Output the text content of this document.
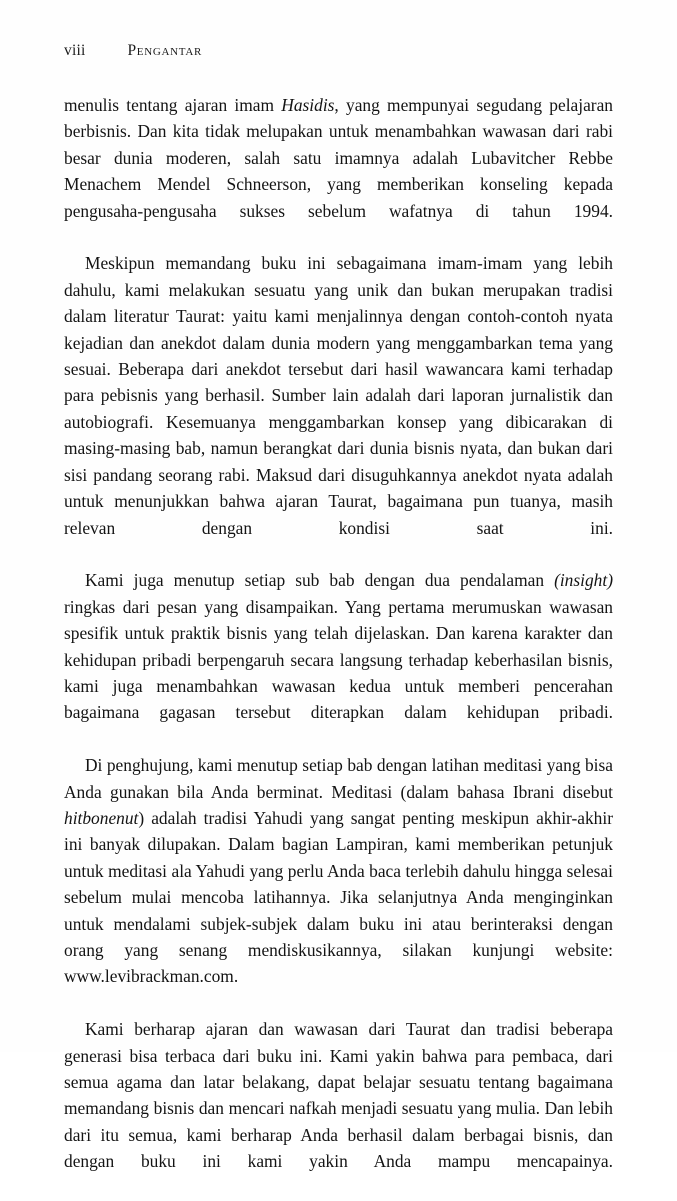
viii	Pengantar

menulis tentang ajaran imam Hasidis, yang mempunyai segudang pelajaran berbisnis. Dan kita tidak melupakan untuk menambahkan wawasan dari rabi besar dunia moderen, salah satu imamnya adalah Lubavitcher Rebbe Menachem Mendel Schneerson, yang memberikan konseling kepada pengusaha-pengusaha sukses sebelum wafatnya di tahun 1994.

Meskipun memandang buku ini sebagaimana imam-imam yang lebih dahulu, kami melakukan sesuatu yang unik dan bukan merupakan tradisi dalam literatur Taurat: yaitu kami menjalinnya dengan contoh-contoh nyata kejadian dan anekdot dalam dunia modern yang menggambarkan tema yang sesuai. Beberapa dari anekdot tersebut dari hasil wawancara kami terhadap para pebisnis yang berhasil. Sumber lain adalah dari laporan jurnalistik dan autobiografi. Kesemuanya menggambarkan konsep yang dibicarakan di masing-masing bab, namun berangkat dari dunia bisnis nyata, dan bukan dari sisi pandang seorang rabi. Maksud dari disuguhkannya anekdot nyata adalah untuk menunjukkan bahwa ajaran Taurat, bagaimana pun tuanya, masih relevan dengan kondisi saat ini.

Kami juga menutup setiap sub bab dengan dua pendalaman (insight) ringkas dari pesan yang disampaikan. Yang pertama merumuskan wawasan spesifik untuk praktik bisnis yang telah dijelaskan. Dan karena karakter dan kehidupan pribadi berpengaruh secara langsung terhadap keberhasilan bisnis, kami juga menambahkan wawasan kedua untuk memberi pencerahan bagaimana gagasan tersebut diterapkan dalam kehidupan pribadi.

Di penghujung, kami menutup setiap bab dengan latihan meditasi yang bisa Anda gunakan bila Anda berminat. Meditasi (dalam bahasa Ibrani disebut hitbonenut) adalah tradisi Yahudi yang sangat penting meskipun akhir-akhir ini banyak dilupakan. Dalam bagian Lampiran, kami memberikan petunjuk untuk meditasi ala Yahudi yang perlu Anda baca terlebih dahulu hingga selesai sebelum mulai mencoba latihannya. Jika selanjutnya Anda menginginkan untuk mendalami subjek-subjek dalam buku ini atau berinteraksi dengan orang yang senang mendiskusikannya, silakan kunjungi website: www.levibrackman.com.

Kami berharap ajaran dan wawasan dari Taurat dan tradisi beberapa generasi bisa terbaca dari buku ini. Kami yakin bahwa para pembaca, dari semua agama dan latar belakang, dapat belajar sesuatu tentang bagaimana memandang bisnis dan mencari nafkah menjadi sesuatu yang mulia. Dan lebih dari itu semua, kami berharap Anda berhasil dalam berbagai bisnis, dan dengan buku ini kami yakin Anda mampu mencapainya.
